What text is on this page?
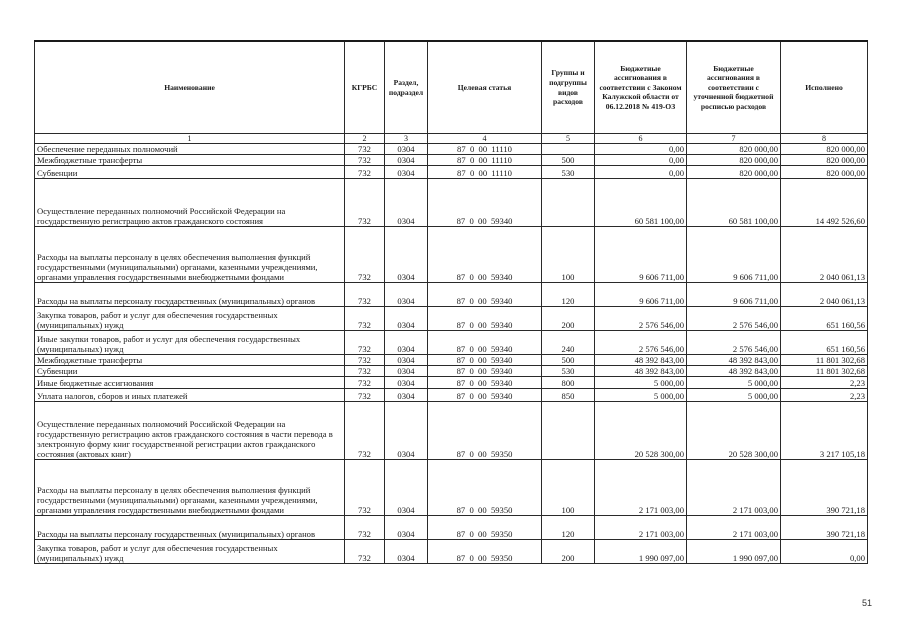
Наименование	КГРБС	Раздел, подраздел	Целевая статья	Группы и подгруппы видов расходов	Бюджетные ассигнования в соответствии с Законом Калужской области от 06.12.2018 № 419-ОЗ	Бюджетные ассигнования в соответствии с уточненной бюджетной росписью расходов	Исполнено
1	2	3	4	5	6	7	8
Обеспечение переданных полномочий	732	0304	87  0  00  11110		0,00	820 000,00	820 000,00
Межбюджетные трансферты	732	0304	87  0  00  11110	500	0,00	820 000,00	820 000,00
Субвенции	732	0304	87  0  00  11110	530	0,00	820 000,00	820 000,00
Осуществление переданных полномочий Российской Федерации на государственную регистрацию актов гражданского состояния	732	0304	87  0  00  59340		60 581 100,00	60 581 100,00	14 492 526,60
Расходы на выплаты персоналу в целях обеспечения выполнения функций государственными (муниципальными) органами, казенными учреждениями, органами управления государственными внебюджетными фондами	732	0304	87  0  00  59340	100	9 606 711,00	9 606 711,00	2 040 061,13
Расходы на выплаты персоналу государственных (муниципальных) органов	732	0304	87  0  00  59340	120	9 606 711,00	9 606 711,00	2 040 061,13
Закупка товаров, работ и услуг для обеспечения государственных (муниципальных) нужд	732	0304	87  0  00  59340	200	2 576 546,00	2 576 546,00	651 160,56
Иные закупки товаров, работ и услуг для обеспечения государственных (муниципальных) нужд	732	0304	87  0  00  59340	240	2 576 546,00	2 576 546,00	651 160,56
Межбюджетные трансферты	732	0304	87  0  00  59340	500	48 392 843,00	48 392 843,00	11 801 302,68
Субвенции	732	0304	87  0  00  59340	530	48 392 843,00	48 392 843,00	11 801 302,68
Иные бюджетные ассигнования	732	0304	87  0  00  59340	800	5 000,00	5 000,00	2,23
Уплата налогов, сборов и иных платежей	732	0304	87  0  00  59340	850	5 000,00	5 000,00	2,23
Осуществление переданных полномочий Российской Федерации на государственную регистрацию актов гражданского состояния в части перевода в электронную форму книг государственной регистрации актов гражданского состояния (актовых книг)	732	0304	87  0  00  59350		20 528 300,00	20 528 300,00	3 217 105,18
Расходы на выплаты персоналу в целях обеспечения выполнения функций государственными (муниципальными) органами, казенными учреждениями, органами управления государственными внебюджетными фондами	732	0304	87  0  00  59350	100	2 171 003,00	2 171 003,00	390 721,18
Расходы на выплаты персоналу государственных (муниципальных) органов	732	0304	87  0  00  59350	120	2 171 003,00	2 171 003,00	390 721,18
Закупка товаров, работ и услуг для обеспечения государственных (муниципальных) нужд	732	0304	87  0  00  59350	200	1 990 097,00	1 990 097,00	0,00
51
